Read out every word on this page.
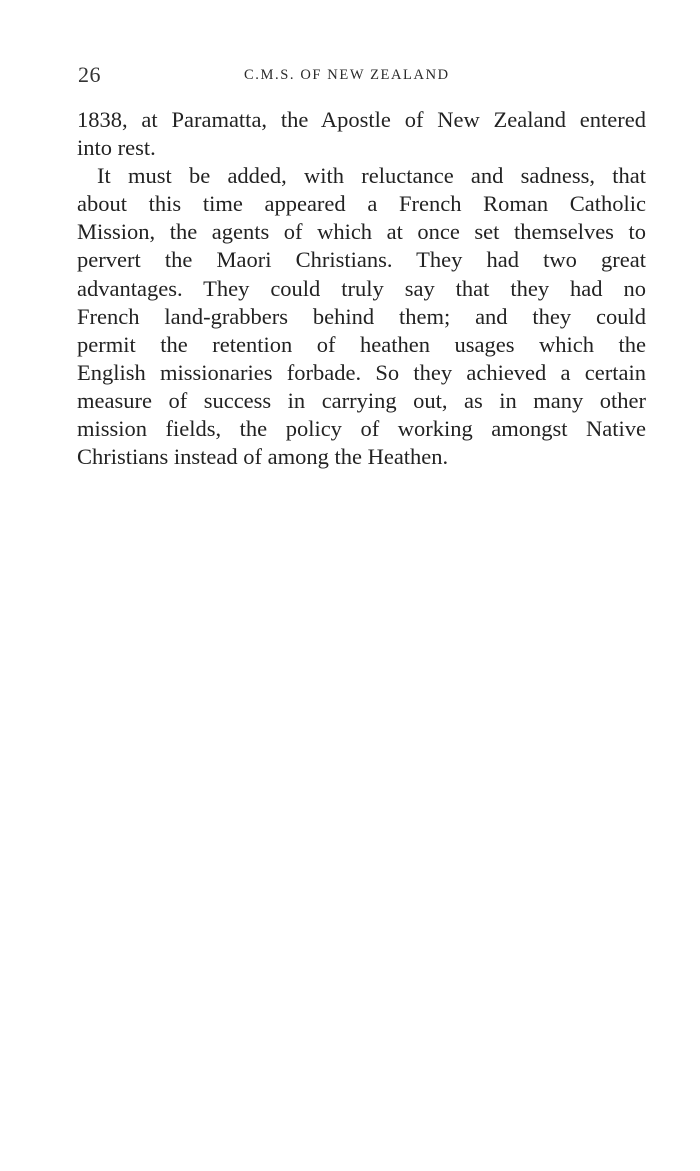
26	C.M.S. OF NEW ZEALAND
1838, at Paramatta, the Apostle of New Zealand entered
into rest.
It must be added, with reluctance and sadness, that
about this time appeared a French Roman Catholic
Mission, the agents of which at once set themselves to
pervert the Maori Christians. They had two great
advantages. They could truly say that they had no
French land-grabbers behind them; and they could
permit the retention of heathen usages which the
English missionaries forbade. So they achieved a certain
measure of success in carrying out, as in many other
mission fields, the policy of working amongst Native
Christians instead of among the Heathen.
